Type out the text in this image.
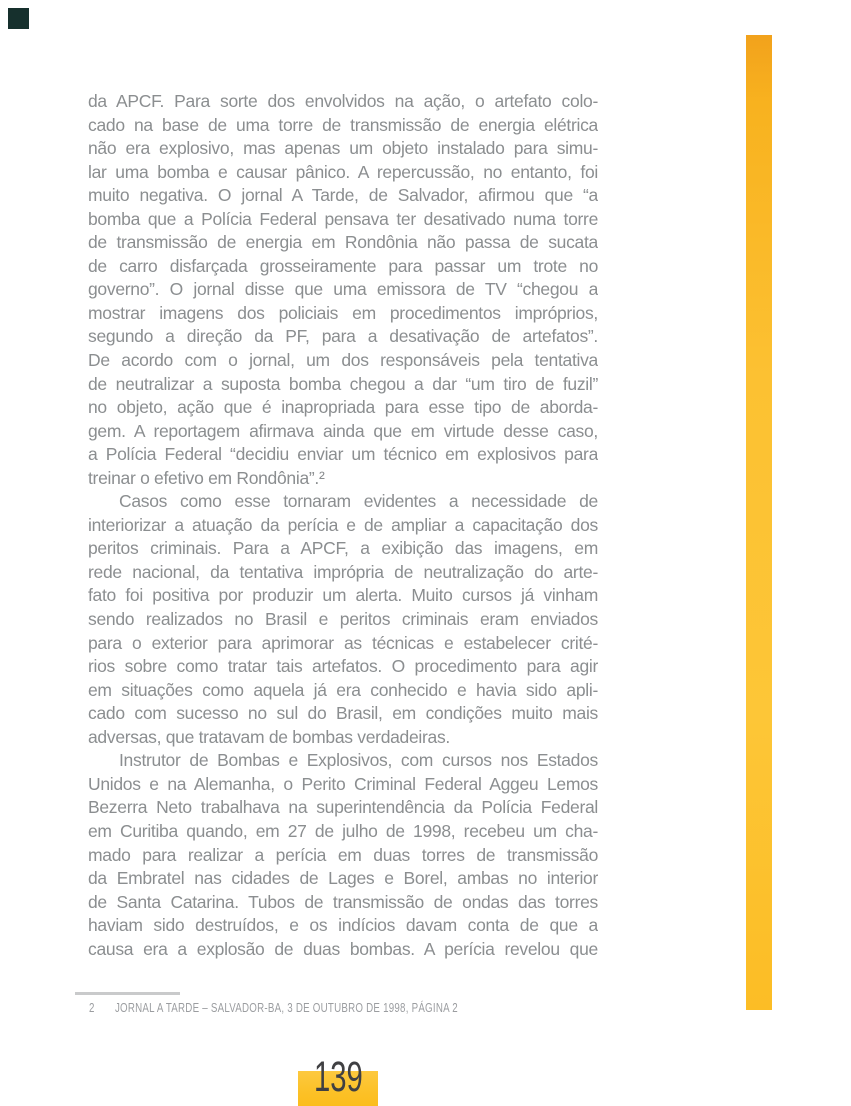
da APCF. Para sorte dos envolvidos na ação, o artefato colo-
cado na base de uma torre de transmissão de energia elétrica
não era explosivo, mas apenas um objeto instalado para simu-
lar uma bomba e causar pânico. A repercussão, no entanto, foi
muito negativa. O jornal A Tarde, de Salvador, afirmou que “a
bomba que a Polícia Federal pensava ter desativado numa torre
de transmissão de energia em Rondônia não passa de sucata
de carro disfarçada grosseiramente para passar um trote no
governo”. O jornal disse que uma emissora de TV “chegou a
mostrar imagens dos policiais em procedimentos impróprios,
segundo a direção da PF, para a desativação de artefatos”.
De acordo com o jornal, um dos responsáveis pela tentativa
de neutralizar a suposta bomba chegou a dar “um tiro de fuzil”
no objeto, ação que é inapropriada para esse tipo de aborda-
gem. A reportagem afirmava ainda que em virtude desse caso,
a Polícia Federal “decidiu enviar um técnico em explosivos para
treinar o efetivo em Rondônia”.²
Casos como esse tornaram evidentes a necessidade de
interiorizar a atuação da perícia e de ampliar a capacitação dos
peritos criminais. Para a APCF, a exibição das imagens, em
rede nacional, da tentativa imprópria de neutralização do arte-
fato foi positiva por produzir um alerta. Muito cursos já vinham
sendo realizados no Brasil e peritos criminais eram enviados
para o exterior para aprimorar as técnicas e estabelecer crité-
rios sobre como tratar tais artefatos. O procedimento para agir
em situações como aquela já era conhecido e havia sido apli-
cado com sucesso no sul do Brasil, em condições muito mais
adversas, que tratavam de bombas verdadeiras.
Instrutor de Bombas e Explosivos, com cursos nos Estados
Unidos e na Alemanha, o Perito Criminal Federal Aggeu Lemos
Bezerra Neto trabalhava na superintendência da Polícia Federal
em Curitiba quando, em 27 de julho de 1998, recebeu um cha-
mado para realizar a perícia em duas torres de transmissão
da Embratel nas cidades de Lages e Borel, ambas no interior
de Santa Catarina. Tubos de transmissão de ondas das torres
haviam sido destruídos, e os indícios davam conta de que a
causa era a explosão de duas bombas. A perícia revelou que
2 JORNAL A TARDE – SALVADOR-BA, 3 DE OUTUBRO DE 1998, PÁGINA 2
139
